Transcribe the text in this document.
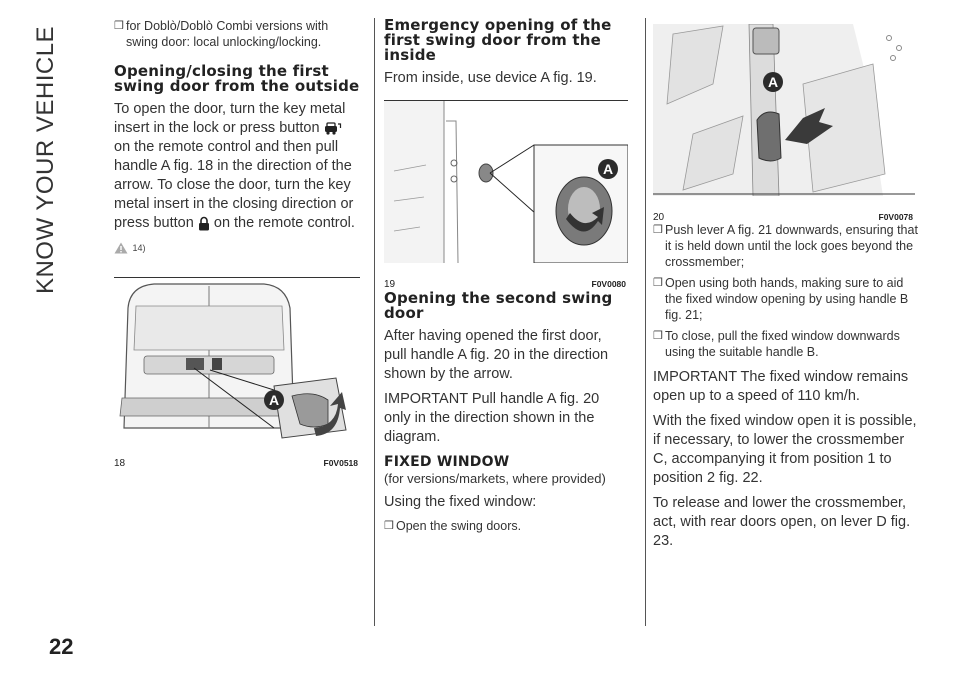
KNOW YOUR VEHICLE
22
❒ for Doblò/Doblò Combi versions with swing door: local unlocking/locking.
Opening/closing the first swing door from the outside

To open the door, turn the key metal insert in the lock or press button
on the remote control and then pull handle A fig. 18 in the direction of the arrow. To close the door, turn the key metal insert in the closing direction or press button on the remote control.

14)
A
18	F0V0518
Emergency opening of the first swing door from the inside

From inside, use device A fig. 19.

A
19	F0V0080
Opening the second swing door

After having opened the first door, pull handle A fig. 20 in the direction shown by the arrow.

IMPORTANT Pull handle A fig. 20 only in the direction shown in the diagram.

FIXED WINDOW

(for versions/markets, where provided)

Using the fixed window:

❒ Open the swing doors.
A
20	F0V0078
❒ Push lever A fig. 21 downwards, ensuring that it is held down until the lock goes beyond the crossmember;
❒ Open using both hands, making sure to aid the fixed window opening by using handle B fig. 21;
❒ To close, pull the fixed window downwards using the suitable handle B.

IMPORTANT The fixed window remains open up to a speed of 110 km/h.

With the fixed window open it is possible, if necessary, to lower the crossmember C, accompanying it from position 1 to position 2 fig. 22.

To release and lower the crossmember, act, with rear doors open, on lever D fig. 23.
